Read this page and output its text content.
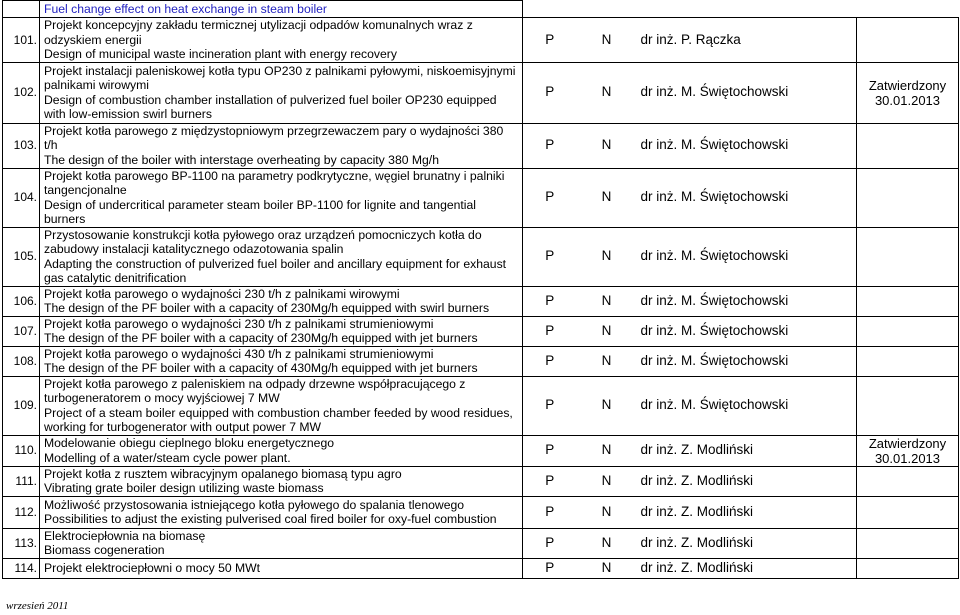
	Fuel change effect on heat exchange in steam boiler				

101.	Projekt koncepcyjny zakładu termicznej utylizacji odpadów komunalnych wraz z odzyskiem energii
Design of municipal waste incineration plant with energy recovery	P	N	dr inż. P. Rączka	
102.	Projekt instalacji paleniskowej kotła typu OP230 z palnikami pyłowymi, niskoemisyjnymi palnikami wirowymi
Design of combustion chamber installation of pulverized fuel boiler OP230 equipped with low-emission swirl burners	P	N	dr inż. M. Świętochowski	Zatwierdzony 30.01.2013
103.	Projekt kotła parowego z międzystopniowym przegrzewaczem pary o wydajności 380 t/h
The design of the boiler with interstage overheating by capacity 380 Mg/h	P	N	dr inż. M. Świętochowski	
104.	Projekt kotła parowego BP-1100 na parametry podkrytyczne, węgiel brunatny i palniki tangencjonalne
Design of undercritical parameter steam boiler BP-1100 for lignite and tangential burners	P	N	dr inż. M. Świętochowski	
105.	Przystosowanie konstrukcji kotła pyłowego oraz urządzeń pomocniczych kotła do zabudowy instalacji katalitycznego odazotowania spalin
Adapting the construction of pulverized fuel boiler and ancillary equipment for exhaust gas catalytic denitrification	P	N	dr inż. M. Świętochowski	
106.	Projekt kotła parowego o wydajności 230 t/h z palnikami wirowymi
The design of the PF boiler with a capacity of 230Mg/h equipped with swirl burners	P	N	dr inż. M. Świętochowski	
107.	Projekt kotła parowego o wydajności 230 t/h z palnikami strumieniowymi
The design of the PF boiler with a capacity of 230Mg/h equipped with jet burners	P	N	dr inż. M. Świętochowski	
108.	Projekt kotła parowego o wydajności 430 t/h z palnikami strumieniowymi
The design of the PF boiler with a capacity of 430Mg/h equipped with jet burners	P	N	dr inż. M. Świętochowski	
109.	Projekt kotła parowego z paleniskiem na odpady drzewne współpracującego z turbogeneratorem o mocy wyjściowej 7 MW
Project of a steam boiler equipped with combustion chamber feeded by wood residues, working for turbogenerator with output power 7 MW	P	N	dr inż. M. Świętochowski	
110.	Modelowanie obiegu cieplnego bloku energetycznego
Modelling of a water/steam cycle power plant.	P	N	dr inż. Z. Modliński	Zatwierdzony 30.01.2013
111.	Projekt kotła z rusztem wibracyjnym opalanego biomasą typu agro
Vibrating grate boiler design utilizing waste biomass	P	N	dr inż. Z. Modliński	
112.	Możliwość przystosowania istniejącego kotła pyłowego do spalania tlenowego
Possibilities to adjust the existing pulverised coal fired boiler for oxy-fuel combustion	P	N	dr inż. Z. Modliński	
113.	Elektrociepłownia na biomasę
Biomass cogeneration	P	N	dr inż. Z. Modliński	
114.	Projekt elektrociepłowni o mocy 50 MWt	P	N	dr inż. Z. Modliński	
wrzesień 2011
